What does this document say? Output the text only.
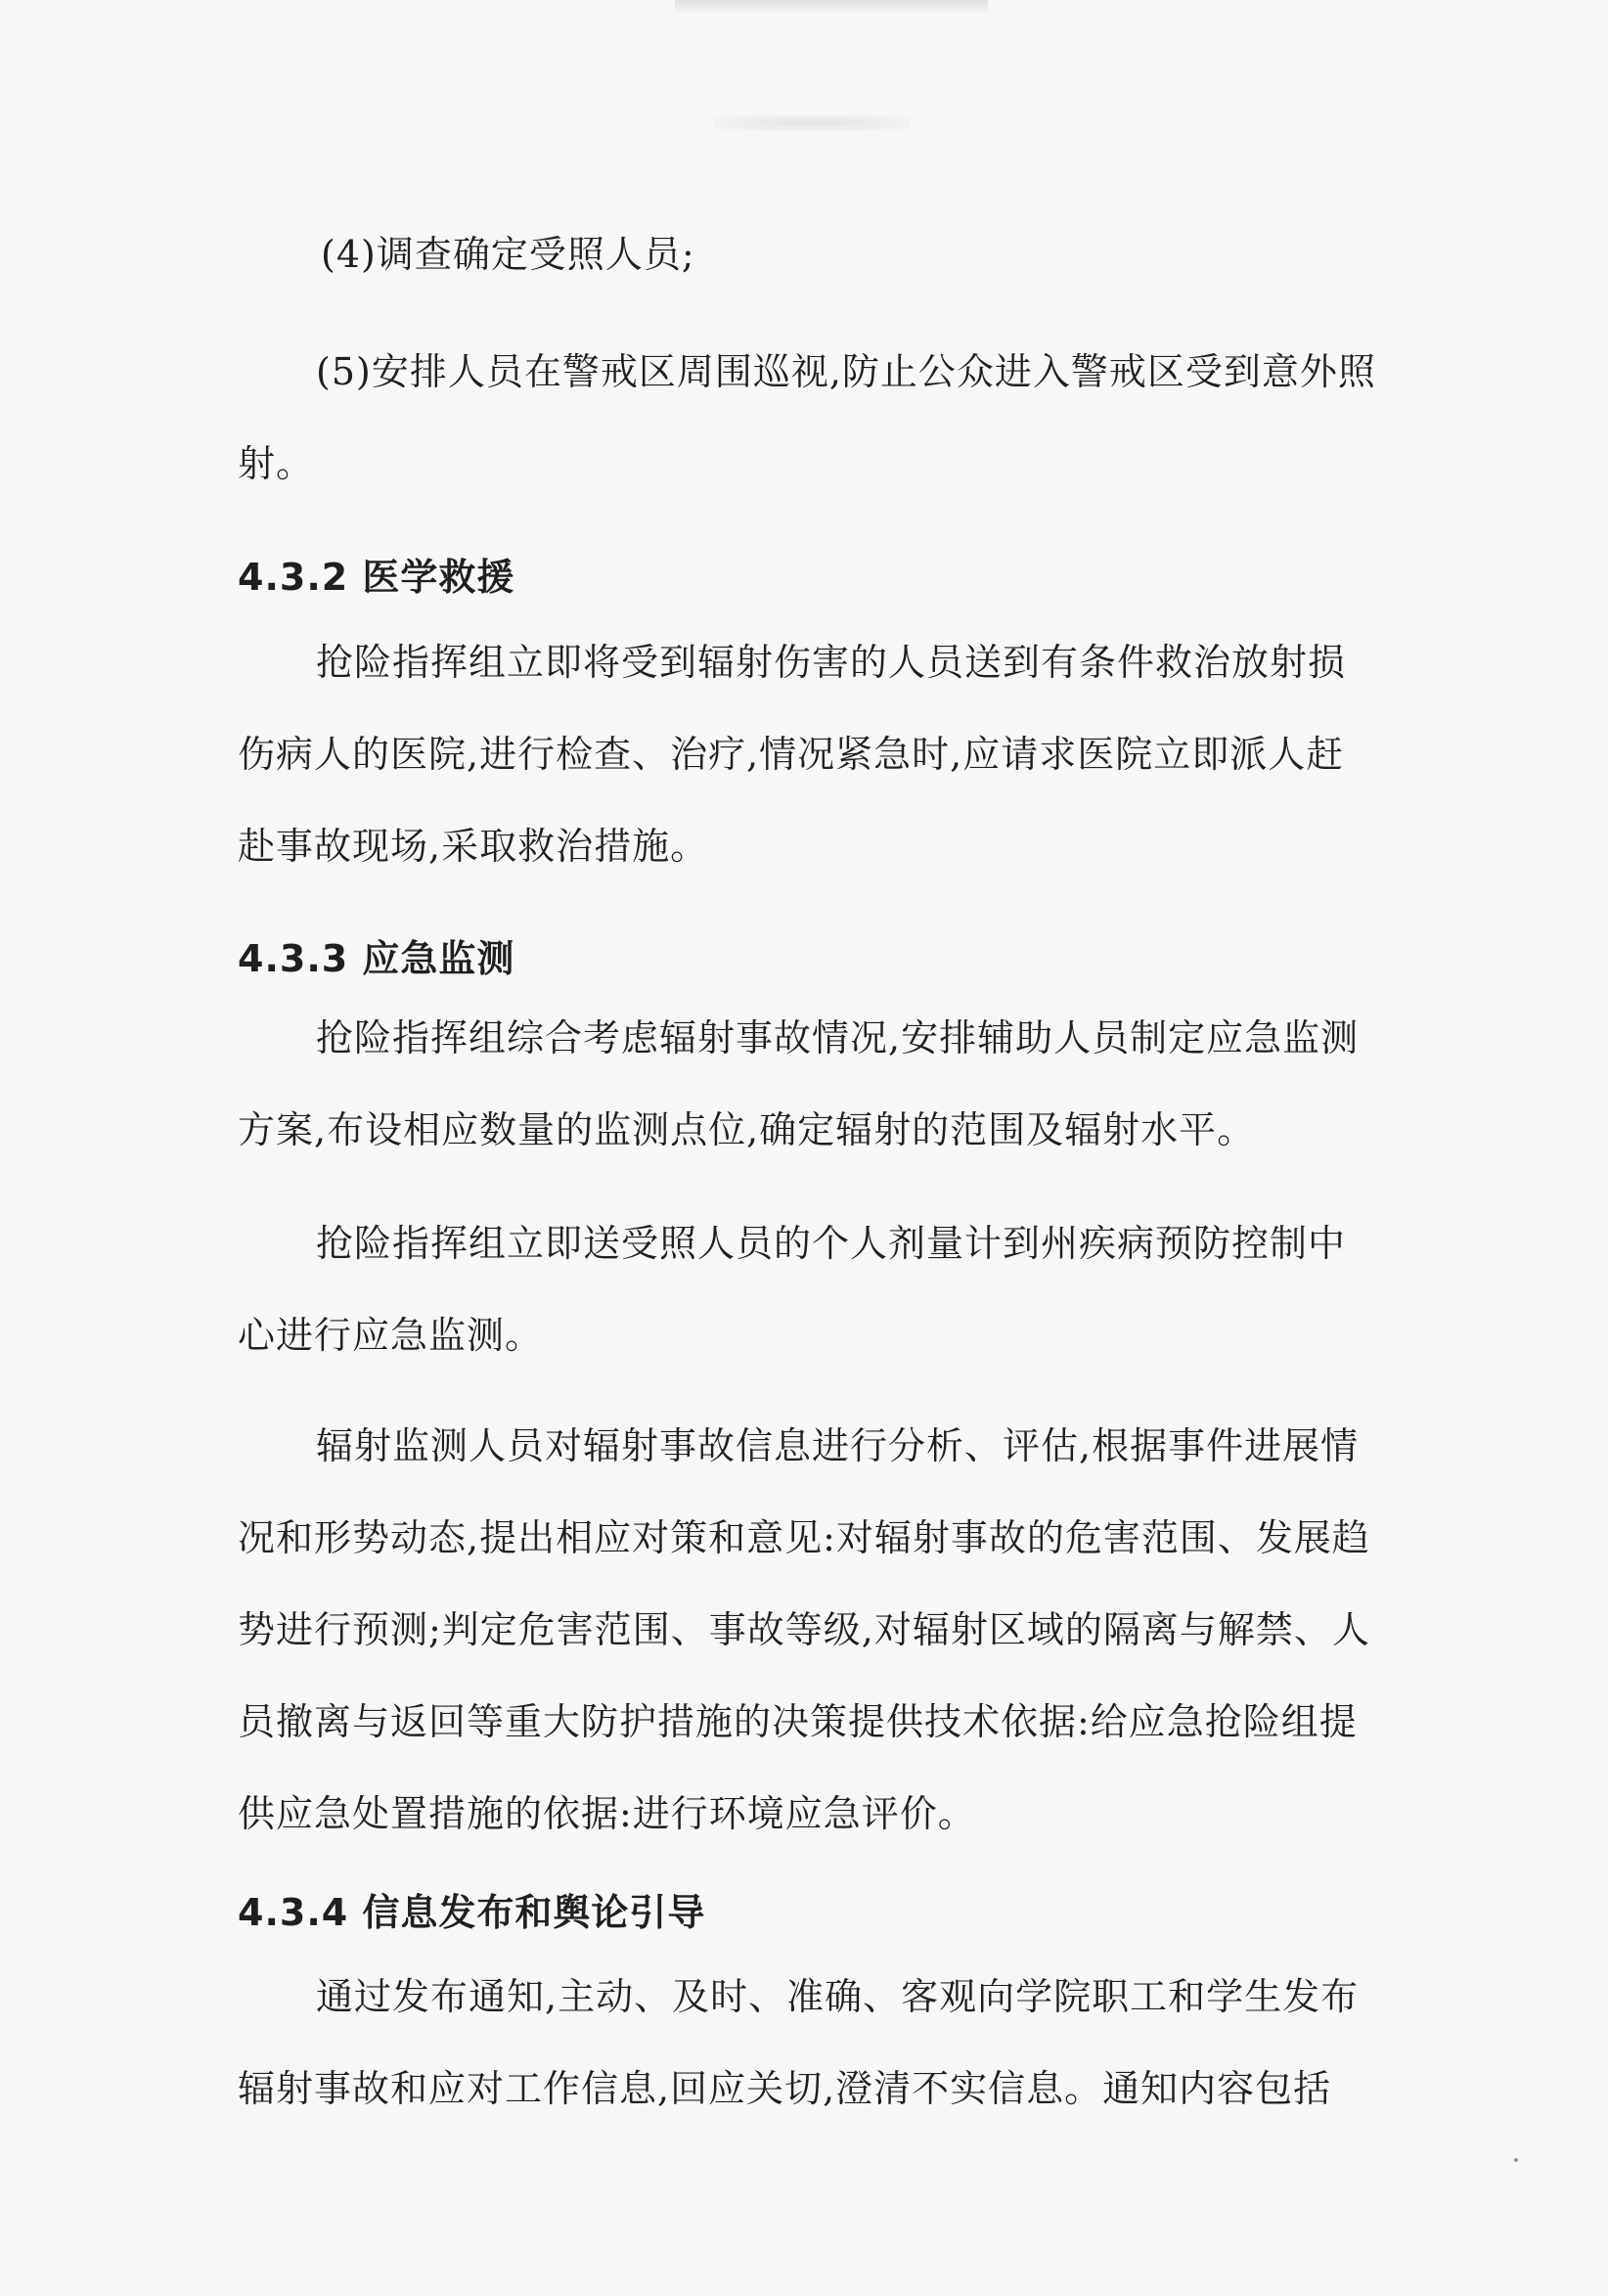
(4)调查确定受照人员;

(5)安排人员在警戒区周围巡视,防止公众进入警戒区受到意外照射。

4.3.2 医学救援

抢险指挥组立即将受到辐射伤害的人员送到有条件救治放射损伤病人的医院,进行检查、治疗,情况紧急时,应请求医院立即派人赶赴事故现场,采取救治措施。

4.3.3 应急监测

抢险指挥组综合考虑辐射事故情况,安排辅助人员制定应急监测方案,布设相应数量的监测点位,确定辐射的范围及辐射水平。

抢险指挥组立即送受照人员的个人剂量计到州疾病预防控制中心进行应急监测。

辐射监测人员对辐射事故信息进行分析、评估,根据事件进展情况和形势动态,提出相应对策和意见:对辐射事故的危害范围、发展趋势进行预测;判定危害范围、事故等级,对辐射区域的隔离与解禁、人员撤离与返回等重大防护措施的决策提供技术依据:给应急抢险组提供应急处置措施的依据:进行环境应急评价。

4.3.4 信息发布和舆论引导

通过发布通知,主动、及时、准确、客观向学院职工和学生发布辐射事故和应对工作信息,回应关切,澄清不实信息。通知内容包括
